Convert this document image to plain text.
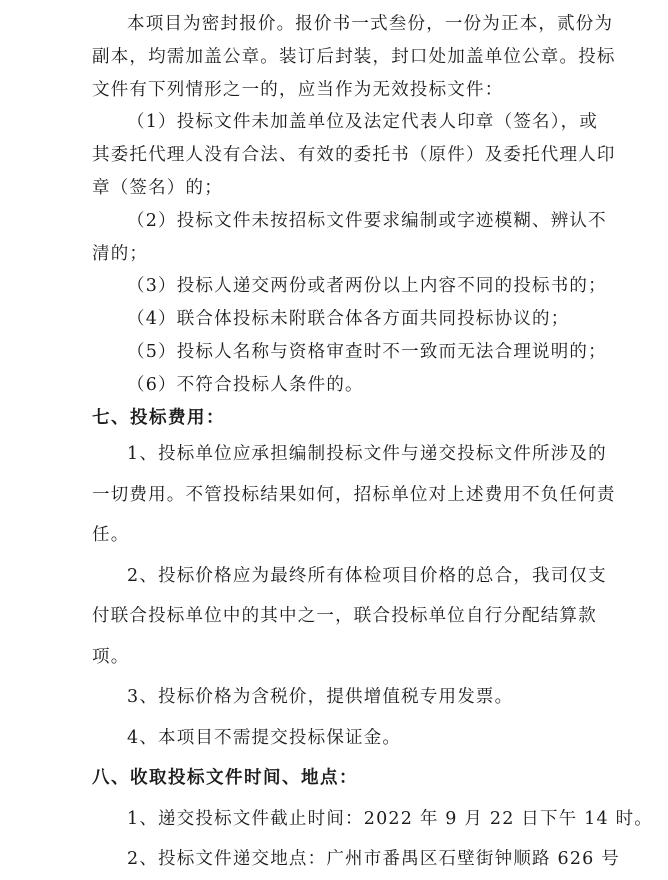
本项目为密封报价。报价书一式叁份，一份为正本，贰份为
副本，均需加盖公章。装订后封装，封口处加盖单位公章。投标
文件有下列情形之一的，应当作为无效投标文件：
（1）投标文件未加盖单位及法定代表人印章（签名），或
其委托代理人没有合法、有效的委托书（原件）及委托代理人印
章（签名）的；
（2）投标文件未按招标文件要求编制或字迹模糊、辨认不
清的；
（3）投标人递交两份或者两份以上内容不同的投标书的；
（4）联合体投标未附联合体各方面共同投标协议的；
（5）投标人名称与资格审查时不一致而无法合理说明的；
（6）不符合投标人条件的。
七、投标费用：
1、投标单位应承担编制投标文件与递交投标文件所涉及的
一切费用。不管投标结果如何，招标单位对上述费用不负任何责
任。
2、投标价格应为最终所有体检项目价格的总合，我司仅支
付联合投标单位中的其中之一，联合投标单位自行分配结算款
项。
3、投标价格为含税价，提供增值税专用发票。
4、本项目不需提交投标保证金。
八、收取投标文件时间、地点：
1、递交投标文件截止时间：2022 年 9 月 22 日下午 14 时。
2、投标文件递交地点：广州市番禺区石壁街钟顺路 626 号
